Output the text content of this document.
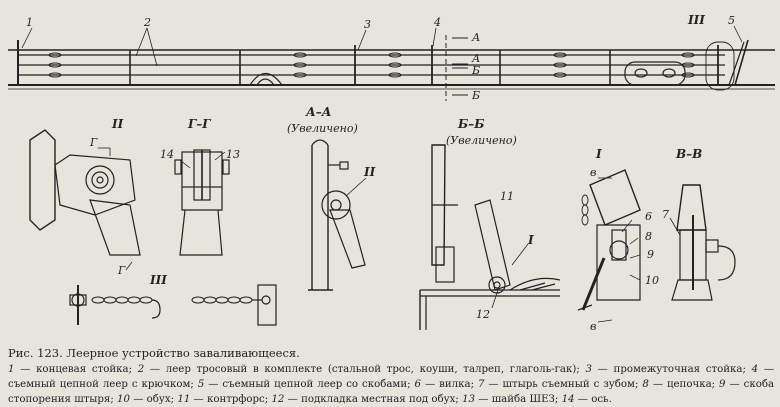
1	2	3	4	5
III
А
А
Б
Б
II
Г
Г
Г–Г
14	13
А–А
(Увеличено)
II
Б–Б
(Увеличено)
11
I
12
I
в
в
6
8
9
10
В–В
7
III
Рис. 123. Леерное устройство заваливающееся.
1 — концевая стойка; 2 — леер тросовый в комплекте (стальной трос, коуши, талреп, глаголь-гак); 3 — промежуточная стойка; 4 — съемный цепной леер с крючком; 5 — съемный цепной леер со скобами; 6 — вилка; 7 — штырь съемный с зубом; 8 — цепочка; 9 — скоба стопорения штыря; 10 — обух; 11 — контрфорс; 12 — подкладка местная под обух; 13 — шайба ШЕЗ; 14 — ось.
